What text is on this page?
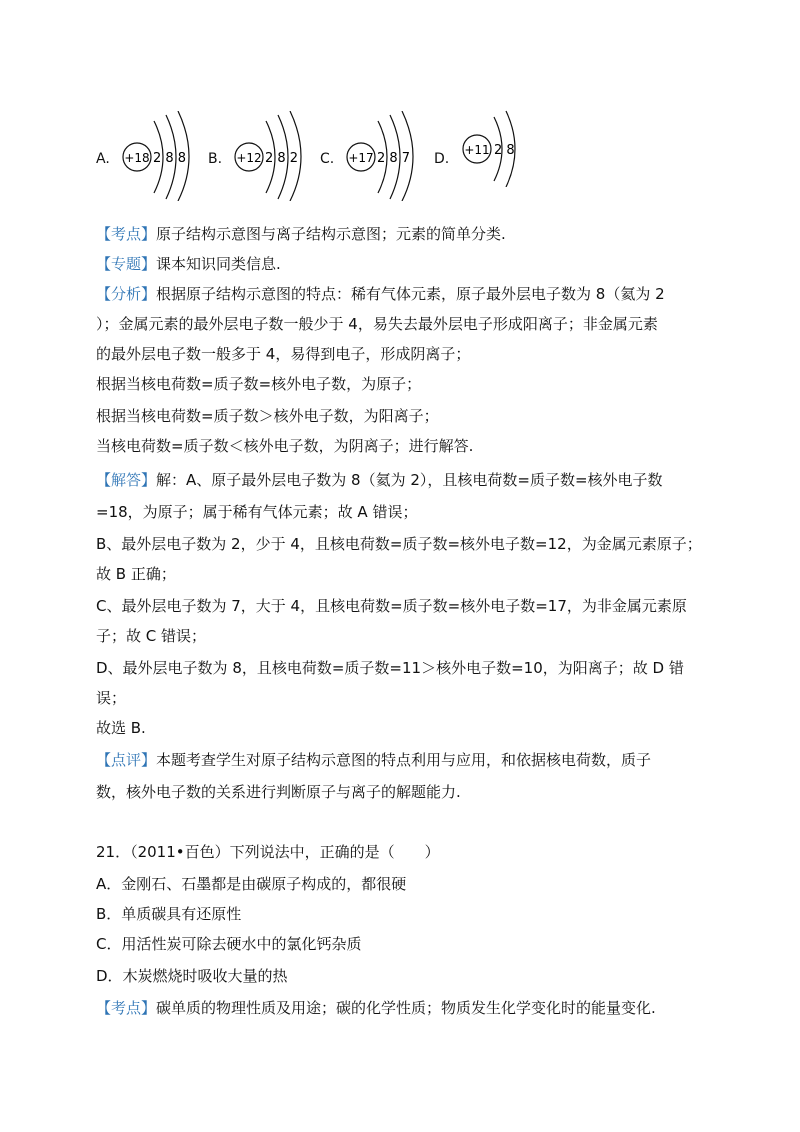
A. +18 2 8 8 B. +12 2 8 2 C. +17 2 8 7 D.
+11 2 8
【考点】原子结构示意图与离子结构示意图；元素的简单分类.
【专题】课本知识同类信息.
【分析】根据原子结构示意图的特点：稀有气体元素，原子最外层电子数为 8（氦为 2
）；金属元素的最外层电子数一般少于 4，易失去最外层电子形成阳离子；非金属元素
的最外层电子数一般多于 4，易得到电子，形成阴离子；
根据当核电荷数=质子数=核外电子数，为原子；
根据当核电荷数=质子数＞核外电子数，为阳离子；
当核电荷数=质子数＜核外电子数，为阴离子；进行解答.
【解答】解：A、原子最外层电子数为 8（氦为 2），且核电荷数=质子数=核外电子数
=18，为原子；属于稀有气体元素；故 A 错误；
B、最外层电子数为 2，少于 4，且核电荷数=质子数=核外电子数=12，为金属元素原子；
故 B 正确；
C、最外层电子数为 7，大于 4，且核电荷数=质子数=核外电子数=17，为非金属元素原
子；故 C 错误；
D、最外层电子数为 8，且核电荷数=质子数=11＞核外电子数=10，为阳离子；故 D 错
误；
故选 B.
【点评】本题考查学生对原子结构示意图的特点利用与应用，和依据核电荷数，质子
数，核外电子数的关系进行判断原子与离子的解题能力.
21．（2011•百色）下列说法中，正确的是（　　）
A．金刚石、石墨都是由碳原子构成的，都很硬
B．单质碳具有还原性
C．用活性炭可除去硬水中的氯化钙杂质
D．木炭燃烧时吸收大量的热
【考点】碳单质的物理性质及用途；碳的化学性质；物质发生化学变化时的能量变化.
